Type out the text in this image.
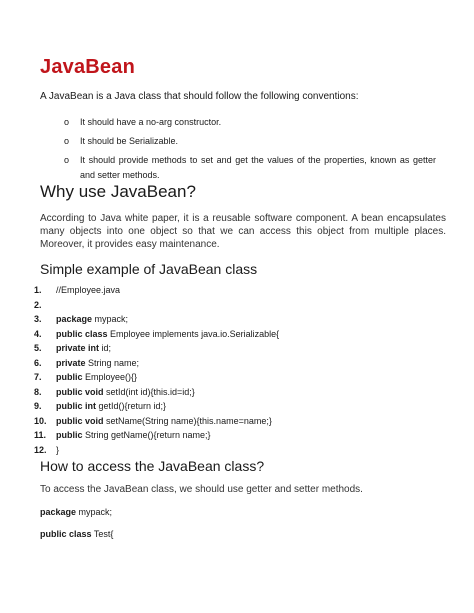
JavaBean

A JavaBean is a Java class that should follow the following conventions:

o It should have a no-arg constructor.
o It should be Serializable.
o It should provide methods to set and get the values of the properties, known as getter and setter methods.
Why use JavaBean?

According to Java white paper, it is a reusable software component. A bean encapsulates many objects into one object so that we can access this object from multiple places. Moreover, it provides easy maintenance.

Simple example of JavaBean class
1. //Employee.java
2.
3. package mypack;
4. public class Employee implements java.io.Serializable{
5. private int id;
6. private String name;
7. public Employee(){}
8. public void setId(int id){this.id=id;}
9. public int getId(){return id;}
10. public void setName(String name){this.name=name;}
11. public String getName(){return name;}
12. }
How to access the JavaBean class?

To access the JavaBean class, we should use getter and setter methods.

package mypack;

public class Test{
